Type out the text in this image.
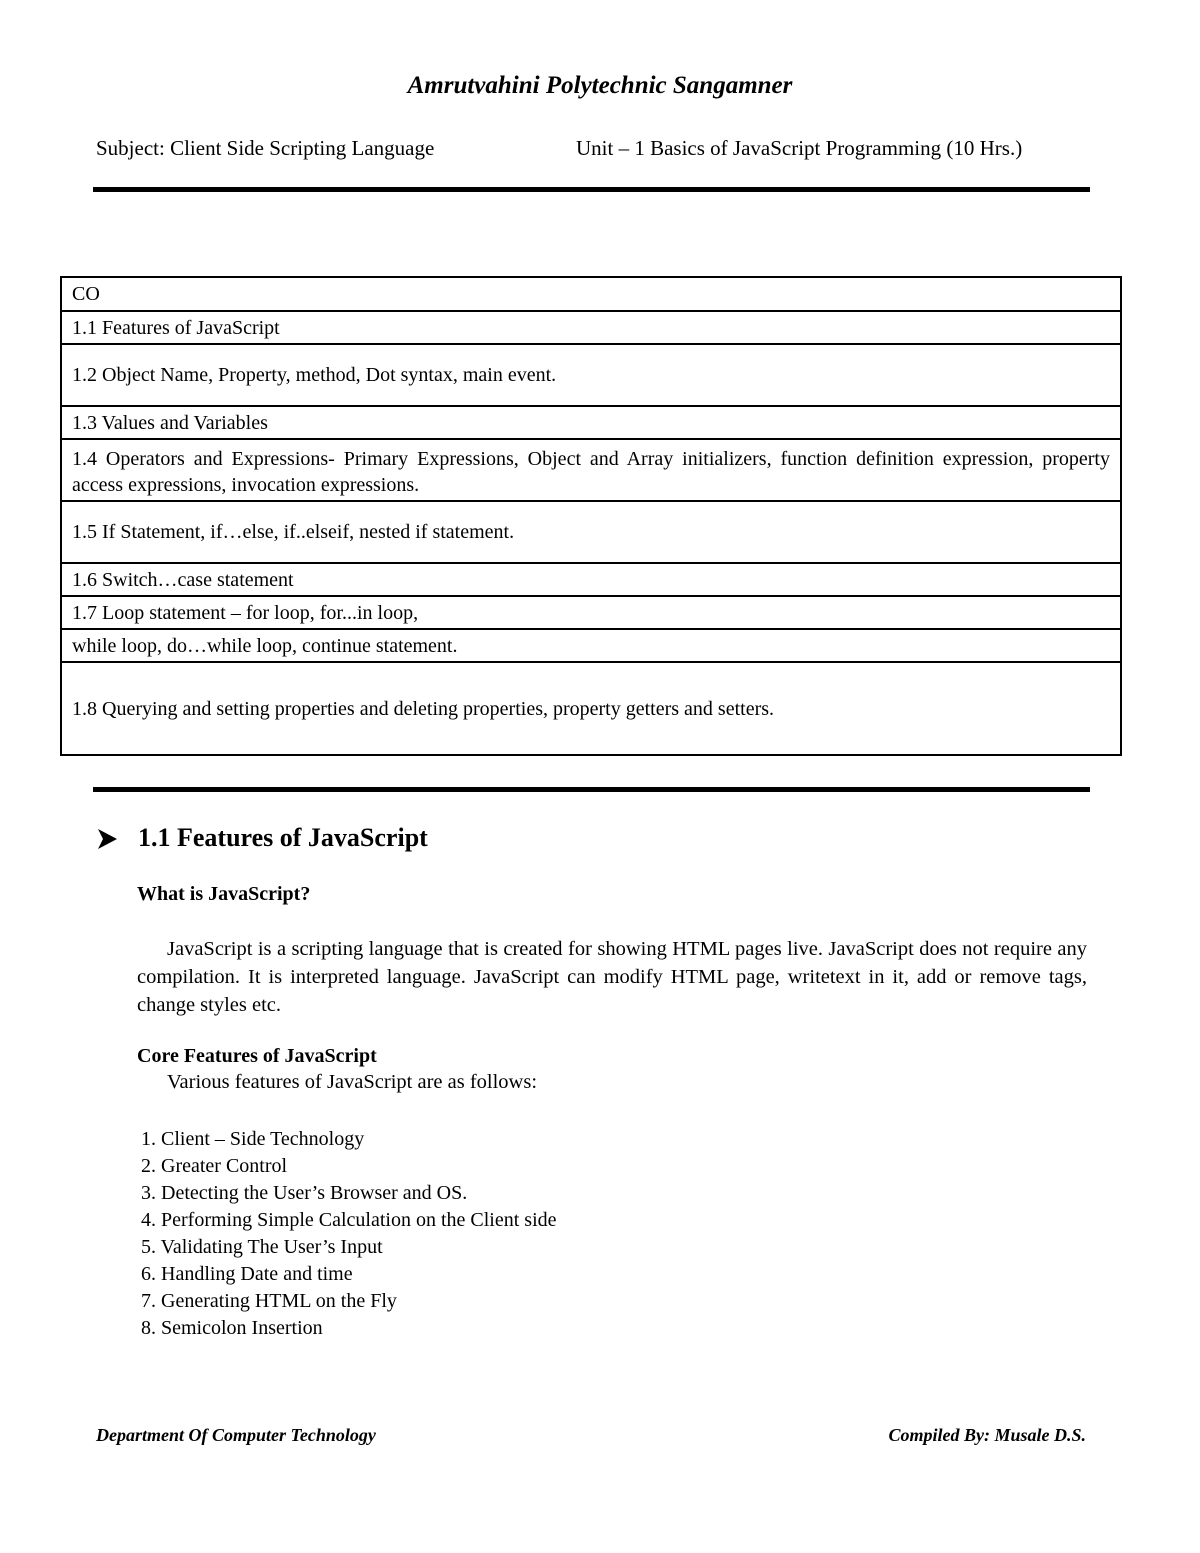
Amrutvahini Polytechnic Sangamner
Subject: Client Side Scripting Language	Unit – 1 Basics of JavaScript Programming (10 Hrs.)
CO
1.1 Features of JavaScript
1.2 Object Name, Property, method, Dot syntax, main event.
1.3 Values and Variables
1.4 Operators and Expressions- Primary Expressions, Object and Array initializers, function definition expression, property access expressions, invocation expressions.
1.5 If Statement, if…else, if..elseif, nested if statement.
1.6 Switch…case statement
1.7 Loop statement – for loop, for...in loop,
while loop, do…while loop, continue statement.
1.8 Querying and setting properties and deleting properties, property getters and setters.
1.1 Features of JavaScript
What is JavaScript?
JavaScript is a scripting language that is created for showing HTML pages live. JavaScript does not require any compilation. It is interpreted language. JavaScript can modify HTML page, writetext in it, add or remove tags, change styles etc.
Core Features of JavaScript
Various features of JavaScript are as follows:
1. Client – Side Technology
2. Greater Control
3. Detecting the User’s Browser and OS.
4. Performing Simple Calculation on the Client side
5. Validating The User’s Input
6. Handling Date and time
7. Generating HTML on the Fly
8. Semicolon Insertion
Department Of Computer Technology	Compiled By: Musale D.S.
